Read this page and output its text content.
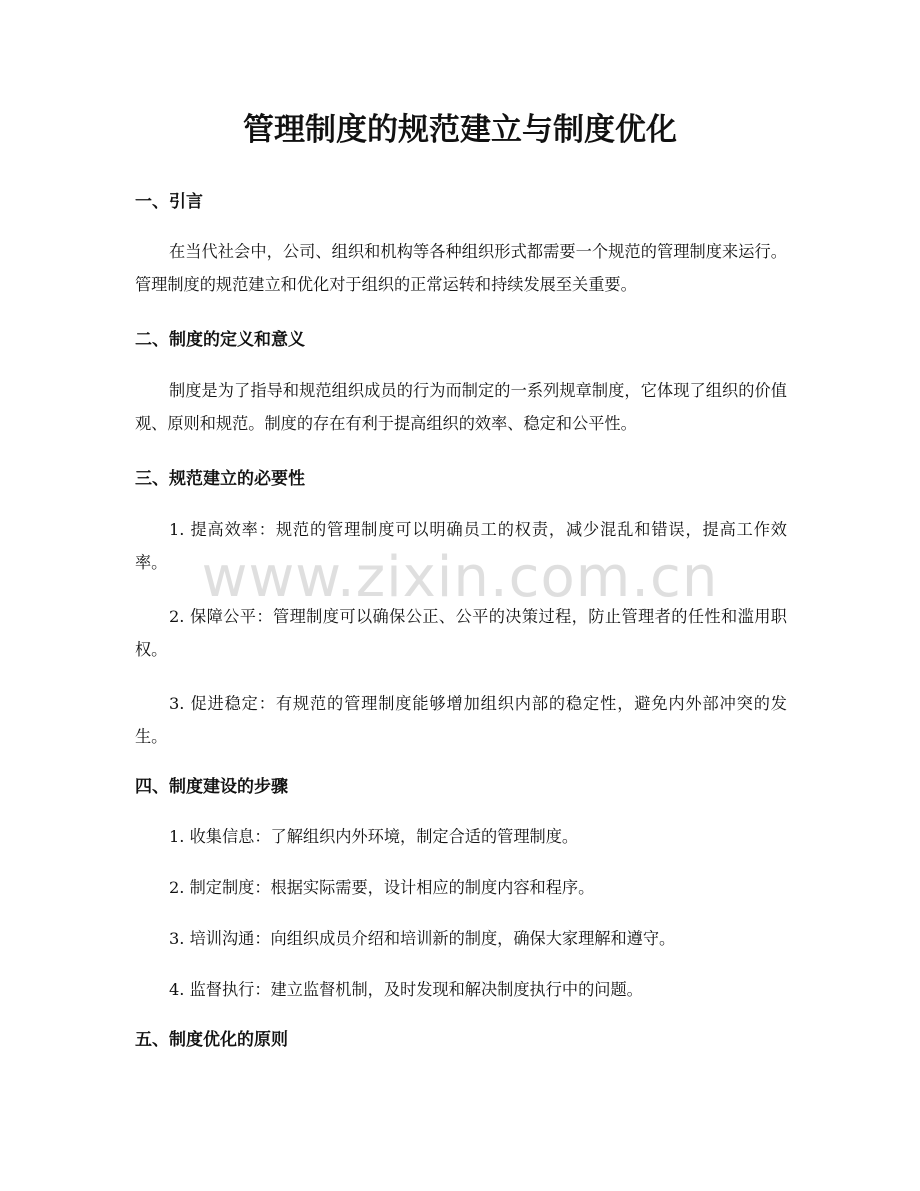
管理制度的规范建立与制度优化
一、引言

在当代社会中，公司、组织和机构等各种组织形式都需要一个规范的管理制度来运行。管理制度的规范建立和优化对于组织的正常运转和持续发展至关重要。

二、制度的定义和意义

制度是为了指导和规范组织成员的行为而制定的一系列规章制度，它体现了组织的价值观、原则和规范。制度的存在有利于提高组织的效率、稳定和公平性。

三、规范建立的必要性

1. 提高效率：规范的管理制度可以明确员工的权责，减少混乱和错误，提高工作效率。

2. 保障公平：管理制度可以确保公正、公平的决策过程，防止管理者的任性和滥用职权。

3. 促进稳定：有规范的管理制度能够增加组织内部的稳定性，避免内外部冲突的发生。

四、制度建设的步骤

1. 收集信息：了解组织内外环境，制定合适的管理制度。

2. 制定制度：根据实际需要，设计相应的制度内容和程序。

3. 培训沟通：向组织成员介绍和培训新的制度，确保大家理解和遵守。

4. 监督执行：建立监督机制，及时发现和解决制度执行中的问题。

五、制度优化的原则
www.zixin.com.cn
